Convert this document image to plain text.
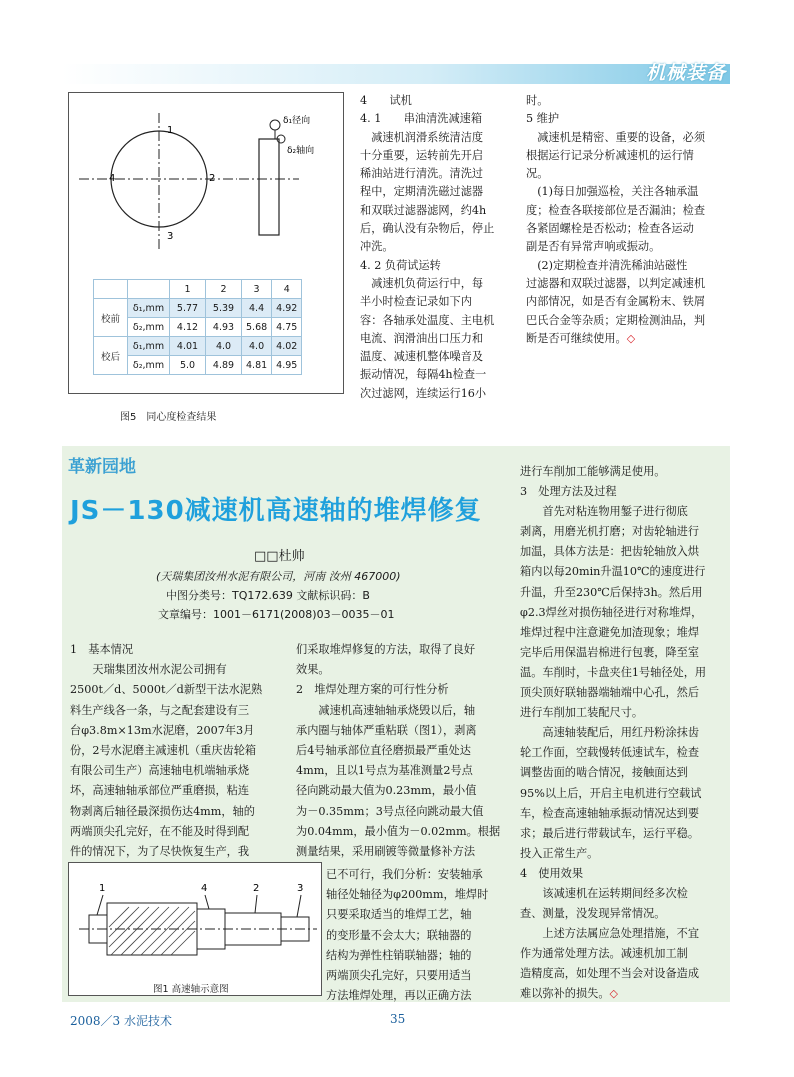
机械装备
1
2
3
4
δ₁径向
δ₂轴向
		1	2	3	4
校前	δ₁,mm	5.77	5.39	4.4	4.92
	δ₂,mm	4.12	4.93	5.68	4.75
校后	δ₁,mm	4.01	4.0	4.0	4.02
	δ₂,mm	5.0	4.89	4.81	4.95
图5　同心度检查结果
4　　试机
4. 1　　串油清洗减速箱
　减速机润滑系统清洁度
十分重要，运转前先开启
稀油站进行清洗。清洗过
程中，定期清洗磁过滤器
和双联过滤器滤网，约4h
后，确认没有杂物后，停止
冲洗。
4. 2 负荷试运转
　减速机负荷运行中，每
半小时检查记录如下内
容：各轴承处温度、主电机
电流、润滑油出口压力和
温度、减速机整体噪音及
振动情况，每隔4h检查一
次过滤网，连续运行16小
时。
5 维护
　减速机是精密、重要的设备，必须
根据运行记录分析减速机的运行情
况。
　(1)每日加强巡检，关注各轴承温
度；检查各联接部位是否漏油；检查
各紧固螺栓是否松动；检查各运动
副是否有异常声响或振动。
　(2)定期检查并清洗稀油站磁性
过滤器和双联过滤器，以判定减速机
内部情况，如是否有金属粉末、铁屑
巴氏合金等杂质；定期检测油品，判
断是否可继续使用。◇
革新园地
JS－130减速机高速轴的堆焊修复
□□杜帅
(天瑞集团汝州水泥有限公司，河南 汝州 467000)
中图分类号：TQ172.639 文献标识码：B
文章编号：1001－6171(2008)03－0035－01
1　基本情况
　　天瑞集团汝州水泥公司拥有
2500t／d、5000t／d新型干法水泥熟
料生产线各一条，与之配套建设有三
台φ3.8m×13m水泥磨，2007年3月
份，2号水泥磨主减速机（重庆齿轮箱
有限公司生产）高速轴电机端轴承烧
坏，高速轴轴承部位严重磨损，粘连
物剥离后轴径最深损伤达4mm，轴的
两端顶尖孔完好，在不能及时得到配
件的情况下，为了尽快恢复生产，我
们采取堆焊修复的方法，取得了良好
效果。
2　堆焊处理方案的可行性分析
　　减速机高速轴轴承烧毁以后，轴
承内圈与轴体严重粘联（图1），剥离
后4号轴承部位直径磨损最严重处达
4mm，且以1号点为基准测量2号点
径向跳动最大值为0.23mm，最小值
为－0.35mm；3号点径向跳动最大值
为0.04mm，最小值为－0.02mm。根据
测量结果，采用刷镀等微量修补方法
已不可行，我们分析：安装轴承
轴径处轴径为φ200mm，堆焊时
只要采取适当的堆焊工艺，轴
的变形量不会太大；联轴器的
结构为弹性柱销联轴器；轴的
两端顶尖孔完好，只要用适当
方法堆焊处理，再以正确方法
进行车削加工能够满足使用。
3　处理方法及过程
　　首先对粘连物用錾子进行彻底
剥离，用磨光机打磨；对齿轮轴进行
加温，具体方法是：把齿轮轴放入烘
箱内以每20min升温10℃的速度进行
升温，升至230℃后保持3h。然后用
φ2.3焊丝对损伤轴径进行对称堆焊，
堆焊过程中注意避免加渣现象；堆焊
完毕后用保温岩棉进行包裹，降至室
温。车削时，卡盘夹住1号轴径处，用
顶尖顶好联轴器端轴端中心孔，然后
进行车削加工装配尺寸。
　　高速轴装配后，用红丹粉涂抹齿
轮工作面，空载慢转低速试车，检查
调整齿面的啮合情况，接触面达到
95%以上后，开启主电机进行空载试
车，检查高速轴轴承振动情况达到要
求；最后进行带载试车，运行平稳。
投入正常生产。
4　使用效果
　　该减速机在运转期间经多次检
查、测量，没发现异常情况。
　　上述方法属应急处理措施，不宜
作为通常处理方法。减速机加工制
造精度高，如处理不当会对设备造成
难以弥补的损失。◇
1	4	2	3
图1 高速轴示意图
2008／3 水泥技术	35
